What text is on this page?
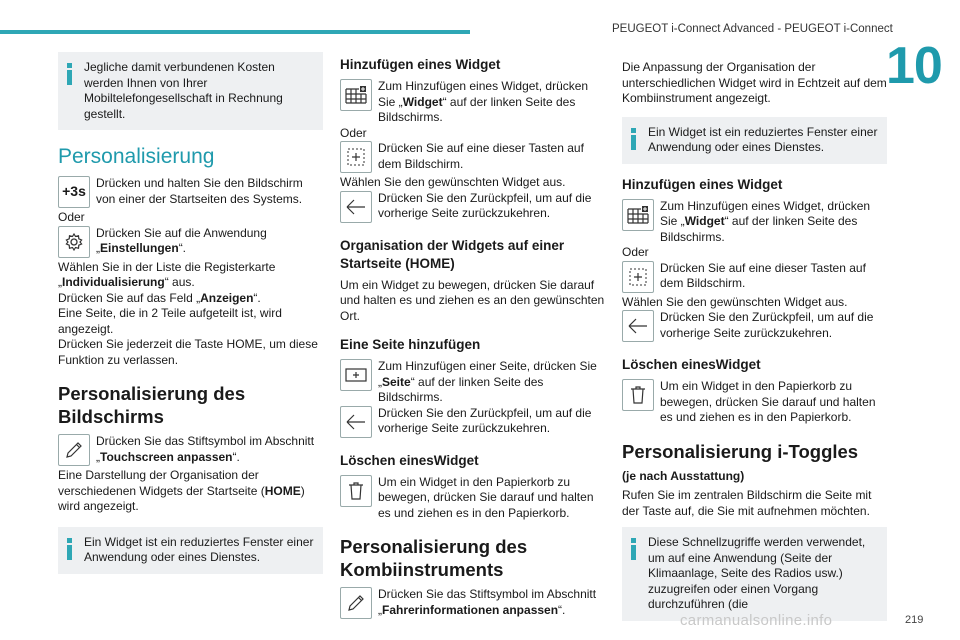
PEUGEOT i-Connect Advanced - PEUGEOT i-Connect
10

Jegliche damit verbundenen Kosten werden Ihnen von Ihrer Mobiltelefongesellschaft in Rechnung gestellt.

Personalisierung
+3s

Drücken und halten Sie den Bildschirm von einer der Startseiten des Systems.

Oder

Drücken Sie auf die Anwendung „Einstellungen“.

Wählen Sie in der Liste die Registerkarte „Individualisierung“ aus.

Drücken Sie auf das Feld „Anzeigen“.

Eine Seite, die in 2 Teile aufgeteilt ist, wird angezeigt.

Drücken Sie jederzeit die Taste HOME, um diese Funktion zu verlassen.

Personalisierung des Bildschirms

Drücken Sie das Stiftsymbol im Abschnitt „Touchscreen anpassen“.

Eine Darstellung der Organisation der verschiedenen Widgets der Startseite (HOME) wird angezeigt.

Ein Widget ist ein reduziertes Fenster einer Anwendung oder eines Dienstes.

Hinzufügen eines Widget

Zum Hinzufügen eines Widget, drücken Sie „Widget“ auf der linken Seite des Bildschirms.

Oder

Drücken Sie auf eine dieser Tasten auf dem Bildschirm.

Wählen Sie den gewünschten Widget aus.

Drücken Sie den Zurückpfeil, um auf die vorherige Seite zurückzukehren.

Organisation der Widgets auf einer Startseite (HOME)

Um ein Widget zu bewegen, drücken Sie darauf und halten es und ziehen es an den gewünschten Ort.

Eine Seite hinzufügen

Zum Hinzufügen einer Seite, drücken Sie „Seite“ auf der linken Seite des Bildschirms.

Drücken Sie den Zurückpfeil, um auf die vorherige Seite zurückzukehren.

Löschen einesWidget

Um ein Widget in den Papierkorb zu bewegen, drücken Sie darauf und halten es und ziehen es in den Papierkorb.

Personalisierung des Kombiinstruments

Drücken Sie das Stiftsymbol im Abschnitt „Fahrerinformationen anpassen“.

Die Anpassung der Organisation der unterschiedlichen Widget wird in Echtzeit auf dem Kombiinstrument angezeigt.

Ein Widget ist ein reduziertes Fenster einer Anwendung oder eines Dienstes.

Hinzufügen eines Widget

Zum Hinzufügen eines Widget, drücken Sie „Widget“ auf der linken Seite des Bildschirms.

Oder

Drücken Sie auf eine dieser Tasten auf dem Bildschirm.

Wählen Sie den gewünschten Widget aus.

Drücken Sie den Zurückpfeil, um auf die vorherige Seite zurückzukehren.

Löschen einesWidget

Um ein Widget in den Papierkorb zu bewegen, drücken Sie darauf und halten es und ziehen es in den Papierkorb.

Personalisierung i-Toggles

(je nach Ausstattung)

Rufen Sie im zentralen Bildschirm die Seite mit der Taste auf, die Sie mit aufnehmen möchten.

Diese Schnellzugriffe werden verwendet, um auf eine Anwendung (Seite der Klimaanlage, Seite des Radios usw.) zuzugreifen oder einen Vorgang durchzuführen (die

carmanualsonline.info	219
